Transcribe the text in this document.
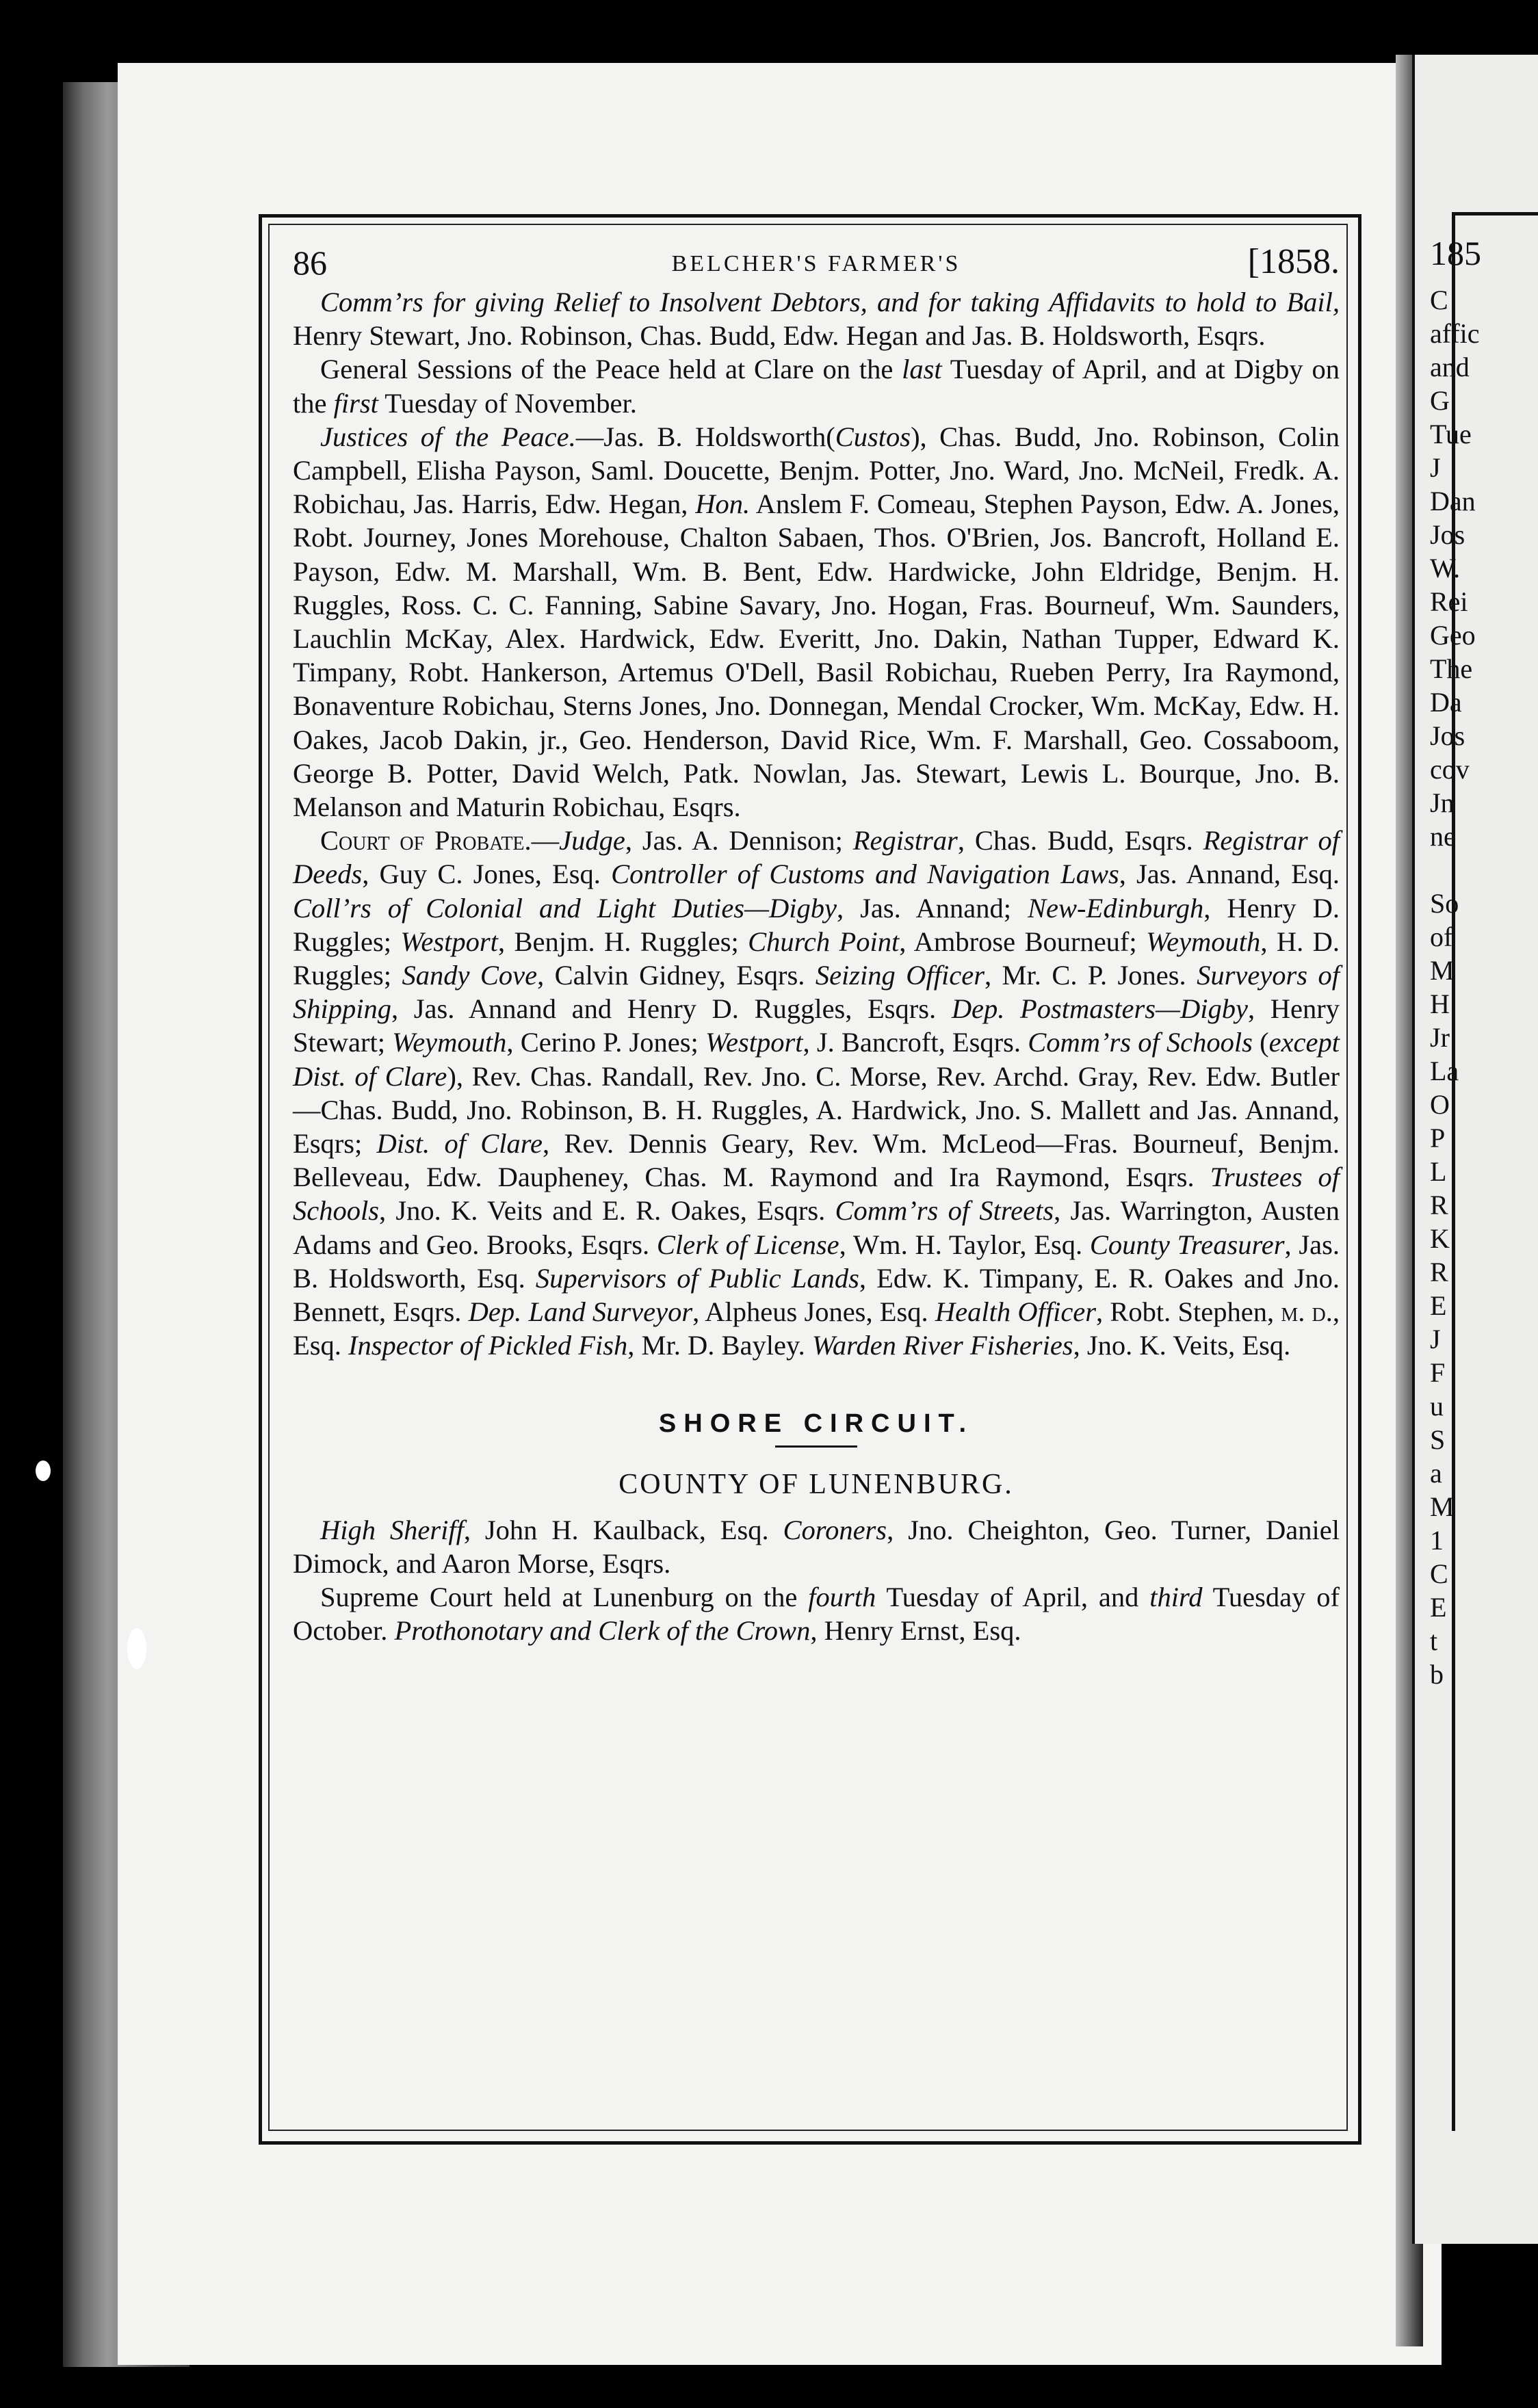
185
C
affic
and
G
Tue
J
Dan
Jos
W.
Rei
Geo
The
Da
Jos
cov
Jn
ne

So
of
M
H
Jr
La
O
P
L
R
K
R
E
J
F
u
S
a
M
1
C
E
t
b
86	BELCHER'S FARMER'S	[1858.

Comm’rs for giving Relief to Insolvent Debtors, and for taking Affidavits to hold to Bail, Henry Stewart, Jno. Robinson, Chas. Budd, Edw. Hegan and Jas. B. Holdsworth, Esqrs.

General Sessions of the Peace held at Clare on the last Tuesday of April, and at Digby on the first Tuesday of November.

Justices of the Peace.—Jas. B. Holdsworth(Custos), Chas. Budd, Jno. Robinson, Colin Campbell, Elisha Payson, Saml. Doucette, Benjm. Potter, Jno. Ward, Jno. McNeil, Fredk. A. Robichau, Jas. Harris, Edw. Hegan, Hon. Anslem F. Comeau, Stephen Payson, Edw. A. Jones, Robt. Journey, Jones Morehouse, Chalton Sabaen, Thos. O'Brien, Jos. Bancroft, Holland E. Payson, Edw. M. Marshall, Wm. B. Bent, Edw. Hardwicke, John Eldridge, Benjm. H. Ruggles, Ross. C. C. Fanning, Sabine Savary, Jno. Hogan, Fras. Bourneuf, Wm. Saunders, Lauchlin McKay, Alex. Hardwick, Edw. Everitt, Jno. Dakin, Nathan Tupper, Edward K. Timpany, Robt. Hankerson, Artemus O'Dell, Basil Robichau, Rueben Perry, Ira Raymond, Bonaventure Robichau, Sterns Jones, Jno. Donnegan, Mendal Crocker, Wm. McKay, Edw. H. Oakes, Jacob Dakin, jr., Geo. Henderson, David Rice, Wm. F. Marshall, Geo. Cossaboom, George B. Potter, David Welch, Patk. Nowlan, Jas. Stewart, Lewis L. Bourque, Jno. B. Melanson and Maturin Robichau, Esqrs.

Court of Probate.—Judge, Jas. A. Dennison; Registrar, Chas. Budd, Esqrs. Registrar of Deeds, Guy C. Jones, Esq. Controller of Customs and Navigation Laws, Jas. Annand, Esq. Coll’rs of Colonial and Light Duties—Digby, Jas. Annand; New-Edinburgh, Henry D. Ruggles; Westport, Benjm. H. Ruggles; Church Point, Ambrose Bourneuf; Weymouth, H. D. Ruggles; Sandy Cove, Calvin Gidney, Esqrs. Seizing Officer, Mr. C. P. Jones. Surveyors of Shipping, Jas. Annand and Henry D. Ruggles, Esqrs. Dep. Postmasters—Digby, Henry Stewart; Weymouth, Cerino P. Jones; Westport, J. Bancroft, Esqrs. Comm’rs of Schools (except Dist. of Clare), Rev. Chas. Randall, Rev. Jno. C. Morse, Rev. Archd. Gray, Rev. Edw. Butler—Chas. Budd, Jno. Robinson, B. H. Ruggles, A. Hardwick, Jno. S. Mallett and Jas. Annand, Esqrs; Dist. of Clare, Rev. Dennis Geary, Rev. Wm. McLeod—Fras. Bourneuf, Benjm. Belleveau, Edw. Daupheney, Chas. M. Raymond and Ira Raymond, Esqrs. Trustees of Schools, Jno. K. Veits and E. R. Oakes, Esqrs. Comm’rs of Streets, Jas. Warrington, Austen Adams and Geo. Brooks, Esqrs. Clerk of License, Wm. H. Taylor, Esq. County Treasurer, Jas. B. Holdsworth, Esq. Supervisors of Public Lands, Edw. K. Timpany, E. R. Oakes and Jno. Bennett, Esqrs. Dep. Land Surveyor, Alpheus Jones, Esq. Health Officer, Robt. Stephen, m. d., Esq. Inspector of Pickled Fish, Mr. D. Bayley. Warden River Fisheries, Jno. K. Veits, Esq.

SHORE CIRCUIT.
COUNTY OF LUNENBURG.

High Sheriff, John H. Kaulback, Esq. Coroners, Jno. Cheighton, Geo. Turner, Daniel Dimock, and Aaron Morse, Esqrs.

Supreme Court held at Lunenburg on the fourth Tuesday of April, and third Tuesday of October. Prothonotary and Clerk of the Crown, Henry Ernst, Esq.
